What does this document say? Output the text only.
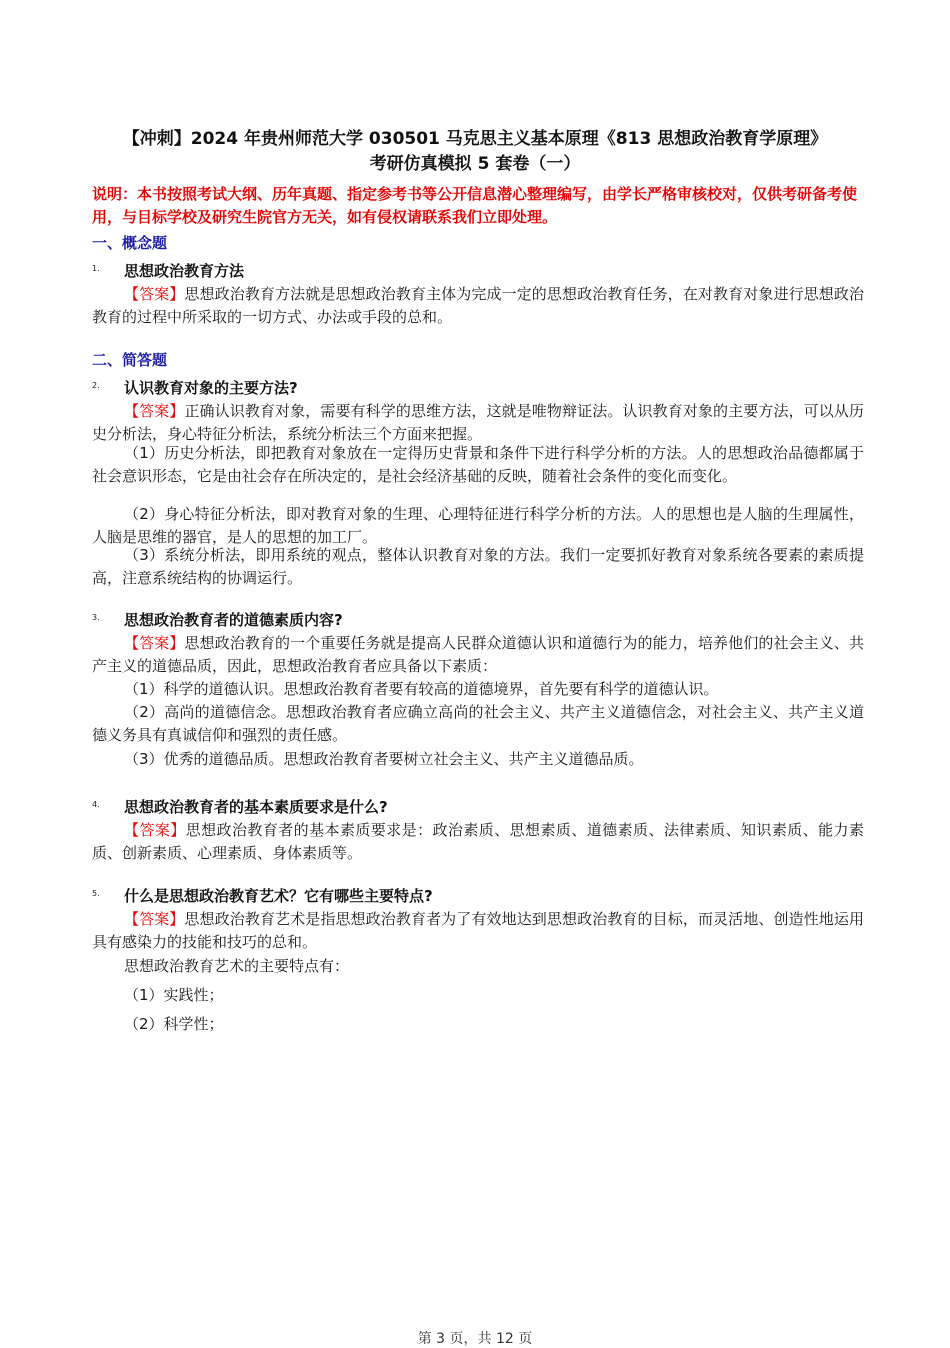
【冲刺】2024 年贵州师范大学 030501 马克思主义基本原理《813 思想政治教育学原理》
考研仿真模拟 5 套卷（一）
说明：本书按照考试大纲、历年真题、指定参考书等公开信息潜心整理编写，由学长严格审核校对，仅供考研备考使用，与目标学校及研究生院官方无关，如有侵权请联系我们立即处理。
一、概念题
1. 思想政治教育方法
【答案】思想政治教育方法就是思想政治教育主体为完成一定的思想政治教育任务，在对教育对象进行思想政治教育的过程中所采取的一切方式、办法或手段的总和。
二、简答题
2. 认识教育对象的主要方法?
【答案】正确认识教育对象，需要有科学的思维方法，这就是唯物辩证法。认识教育对象的主要方法，可以从历史分析法，身心特征分析法，系统分析法三个方面来把握。
（1）历史分析法，即把教育对象放在一定得历史背景和条件下进行科学分析的方法。人的思想政治品德都属于社会意识形态，它是由社会存在所决定的，是社会经济基础的反映，随着社会条件的变化而变化。
（2）身心特征分析法，即对教育对象的生理、心理特征进行科学分析的方法。人的思想也是人脑的生理属性，人脑是思维的器官，是人的思想的加工厂。
（3）系统分析法，即用系统的观点，整体认识教育对象的方法。我们一定要抓好教育对象系统各要素的素质提高，注意系统结构的协调运行。
3. 思想政治教育者的道德素质内容?
【答案】思想政治教育的一个重要任务就是提高人民群众道德认识和道德行为的能力，培养他们的社会主义、共产主义的道德品质，因此，思想政治教育者应具备以下素质：
（1）科学的道德认识。思想政治教育者要有较高的道德境界，首先要有科学的道德认识。
（2）高尚的道德信念。思想政治教育者应确立高尚的社会主义、共产主义道德信念，对社会主义、共产主义道德义务具有真诚信仰和强烈的责任感。
（3）优秀的道德品质。思想政治教育者要树立社会主义、共产主义道德品质。
4. 思想政治教育者的基本素质要求是什么?
【答案】思想政治教育者的基本素质要求是：政治素质、思想素质、道德素质、法律素质、知识素质、能力素质、创新素质、心理素质、身体素质等。
5. 什么是思想政治教育艺术？它有哪些主要特点?
【答案】思想政治教育艺术是指思想政治教育者为了有效地达到思想政治教育的目标，而灵活地、创造性地运用具有感染力的技能和技巧的总和。
思想政治教育艺术的主要特点有：
（1）实践性；
（2）科学性；
第 3 页，共 12 页
